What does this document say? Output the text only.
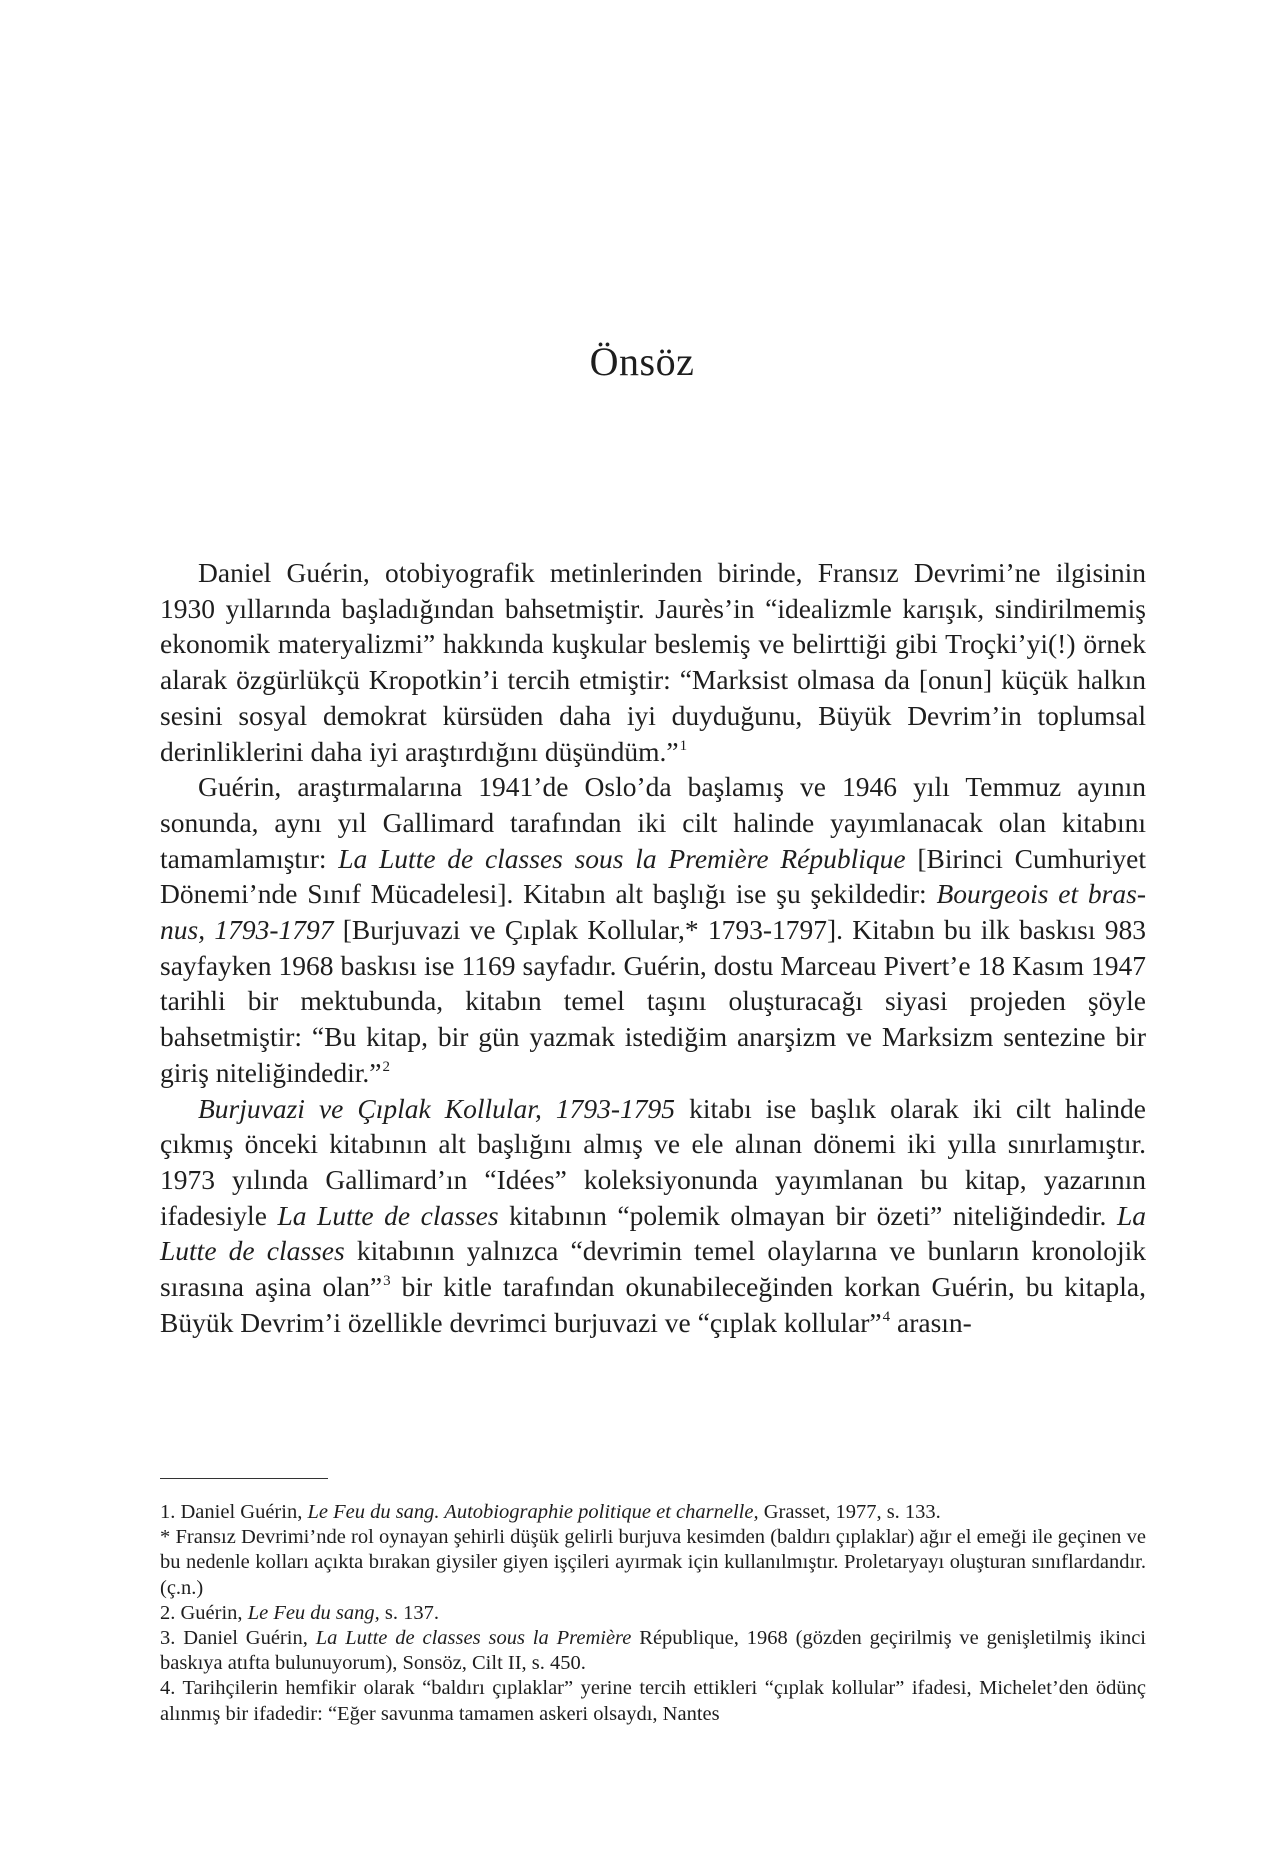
Önsöz

Daniel Guérin, otobiyografik metinlerinden birinde, Fransız Devrimi’ne ilgisinin 1930 yıllarında başladığından bahsetmiştir. Jaurès’in “idealizmle karışık, sindirilmemiş ekonomik materyalizmi” hakkında kuşkular beslemiş ve belirttiği gibi Troçki’yi(!) örnek alarak özgürlükçü Kropotkin’i tercih etmiştir: “Marksist olmasa da [onun] küçük halkın sesini sosyal demokrat kürsüden daha iyi duyduğunu, Büyük Devrim’in toplumsal derinliklerini daha iyi araştırdığını düşündüm.”$^1$

Guérin, araştırmalarına 1941’de Oslo’da başlamış ve 1946 yılı Temmuz ayının sonunda, aynı yıl Gallimard tarafından iki cilt halinde yayımlanacak olan kitabını tamamlamıştır: La Lutte de classes sous la Première République [Birinci Cumhuriyet Dönemi’nde Sınıf Mücadelesi]. Kitabın alt başlığı ise şu şekildedir: Bourgeois et bras-nus, 1793-1797 [Burjuvazi ve Çıplak Kollular,* 1793-1797]. Kitabın bu ilk baskısı 983 sayfayken 1968 baskısı ise 1169 sayfadır. Guérin, dostu Marceau Pivert’e 18 Kasım 1947 tarihli bir mektubunda, kitabın temel taşını oluşturacağı siyasi projeden şöyle bahsetmiştir: “Bu kitap, bir gün yazmak istediğim anarşizm ve Marksizm sentezine bir giriş niteliğindedir.”$^2$

Burjuvazi ve Çıplak Kollular, 1793-1795 kitabı ise başlık olarak iki cilt halinde çıkmış önceki kitabının alt başlığını almış ve ele alınan dönemi iki yılla sınırlamıştır. 1973 yılında Gallimard’ın “Idées” koleksiyonunda yayımlanan bu kitap, yazarının ifadesiyle La Lutte de classes kitabının “polemik olmayan bir özeti” niteliğindedir. La Lutte de classes kitabının yalnızca “devrimin temel olaylarına ve bunların kronolojik sırasına aşina olan”$^3$ bir kitle tarafından okunabileceğinden korkan Guérin, bu kitapla, Büyük Devrim’i özellikle devrimci burjuvazi ve “çıplak kollular”$^4$ arasın-

1. Daniel Guérin, Le Feu du sang. Autobiographie politique et charnelle, Grasset, 1977, s. 133.

* Fransız Devrimi’nde rol oynayan şehirli düşük gelirli burjuva kesimden (baldırı çıplaklar) ağır el emeği ile geçinen ve bu nedenle kolları açıkta bırakan giysiler giyen işçileri ayırmak için kullanılmıştır. Proletaryayı oluşturan sınıflardandır. (ç.n.)

2. Guérin, Le Feu du sang, s. 137.

3. Daniel Guérin, La Lutte de classes sous la Première République, 1968 (gözden geçirilmiş ve genişletilmiş ikinci baskıya atıfta bulunuyorum), Sonsöz, Cilt II, s. 450.

4. Tarihçilerin hemfikir olarak “baldırı çıplaklar” yerine tercih ettikleri “çıplak kollular” ifadesi, Michelet’den ödünç alınmış bir ifadedir: “Eğer savunma tamamen askeri olsaydı, Nantes
